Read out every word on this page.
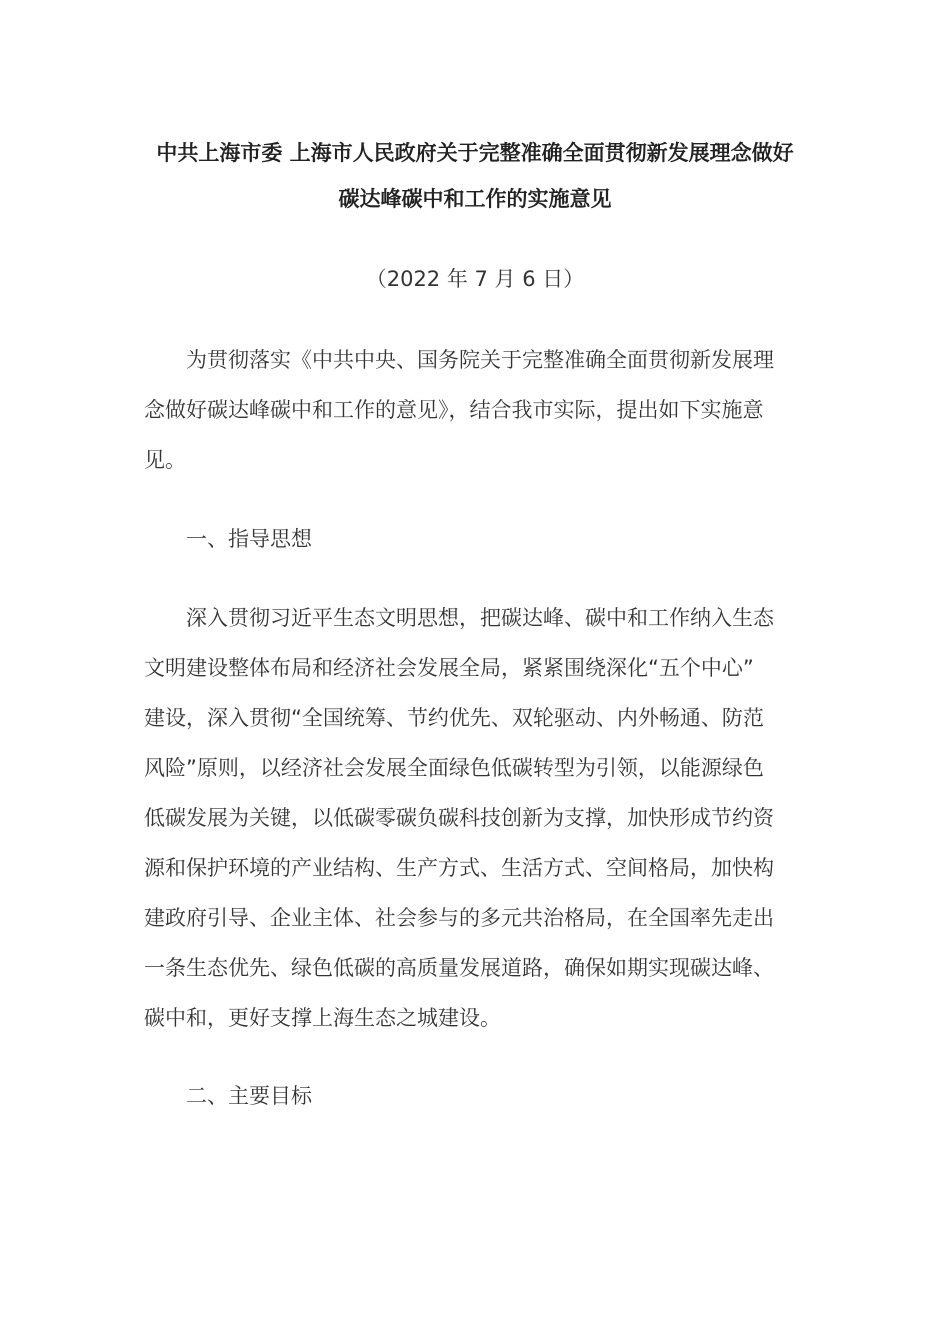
中共上海市委 上海市人民政府关于完整准确全面贯彻新发展理念做好
碳达峰碳中和工作的实施意见

（2022 年 7 月 6 日）

　　为贯彻落实《中共中央、国务院关于完整准确全面贯彻新发展理

念做好碳达峰碳中和工作的意见》，结合我市实际，提出如下实施意

见。

　　一、指导思想

　　深入贯彻习近平生态文明思想，把碳达峰、碳中和工作纳入生态

文明建设整体布局和经济社会发展全局，紧紧围绕深化“五个中心”

建设，深入贯彻“全国统筹、节约优先、双轮驱动、内外畅通、防范

风险”原则，以经济社会发展全面绿色低碳转型为引领，以能源绿色

低碳发展为关键，以低碳零碳负碳科技创新为支撑，加快形成节约资

源和保护环境的产业结构、生产方式、生活方式、空间格局，加快构

建政府引导、企业主体、社会参与的多元共治格局，在全国率先走出

一条生态优先、绿色低碳的高质量发展道路，确保如期实现碳达峰、

碳中和，更好支撑上海生态之城建设。

　　二、主要目标
